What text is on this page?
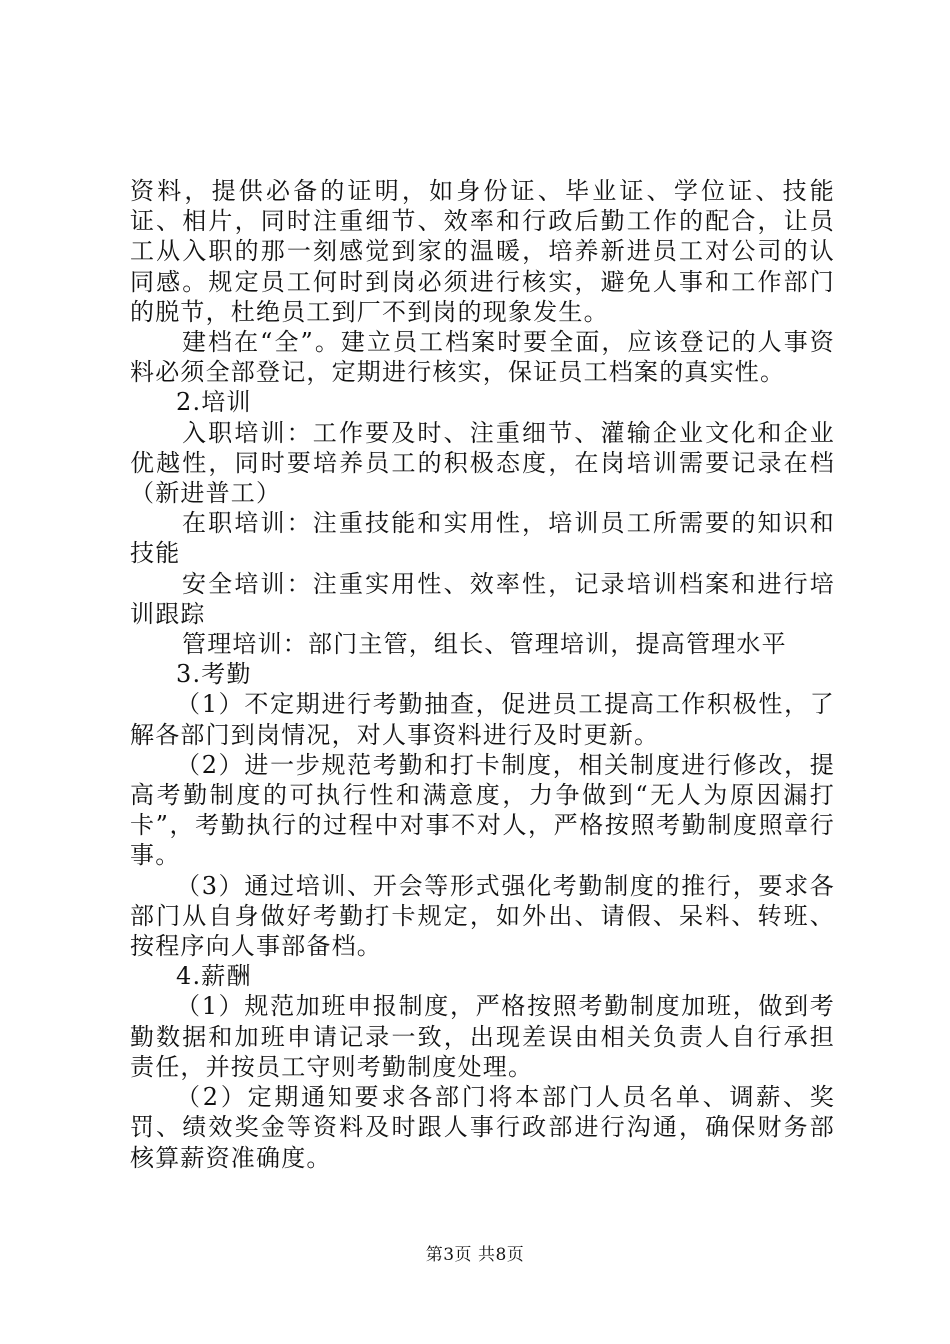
资料，提供必备的证明，如身份证、毕业证、学位证、技能证、相片，同时注重细节、效率和行政后勤工作的配合，让员工从入职的那一刻感觉到家的温暖，培养新进员工对公司的认同感。规定员工何时到岗必须进行核实，避免人事和工作部门的脱节，杜绝员工到厂不到岗的现象发生。

建档在“全”。建立员工档案时要全面，应该登记的人事资料必须全部登记，定期进行核实，保证员工档案的真实性。

2.培训

入职培训：工作要及时、注重细节、灌输企业文化和企业优越性，同时要培养员工的积极态度，在岗培训需要记录在档（新进普工）

在职培训：注重技能和实用性，培训员工所需要的知识和技能

安全培训：注重实用性、效率性，记录培训档案和进行培训跟踪

管理培训：部门主管，组长、管理培训，提高管理水平

3.考勤

（1）不定期进行考勤抽查，促进员工提高工作积极性，了解各部门到岗情况，对人事资料进行及时更新。

（2）进一步规范考勤和打卡制度，相关制度进行修改，提高考勤制度的可执行性和满意度，力争做到“无人为原因漏打卡”，考勤执行的过程中对事不对人，严格按照考勤制度照章行事。

（3）通过培训、开会等形式强化考勤制度的推行，要求各部门从自身做好考勤打卡规定，如外出、请假、呆料、转班、按程序向人事部备档。

4.薪酬

（1）规范加班申报制度，严格按照考勤制度加班，做到考勤数据和加班申请记录一致，出现差误由相关负责人自行承担责任，并按员工守则考勤制度处理。

（2）定期通知要求各部门将本部门人员名单、调薪、奖罚、绩效奖金等资料及时跟人事行政部进行沟通，确保财务部核算薪资准确度。

第3页 共8页
